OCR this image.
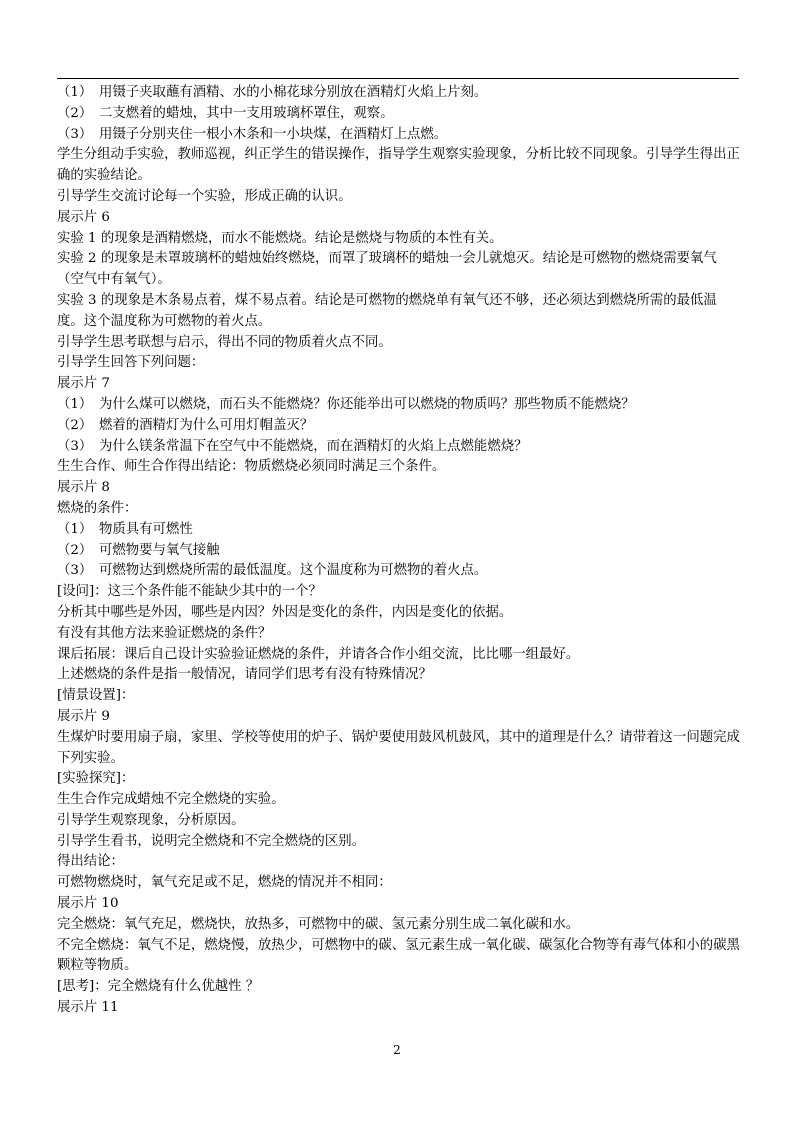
（1）　用镊子夹取蘸有酒精、水的小棉花球分别放在酒精灯火焰上片刻。

（2）　二支燃着的蜡烛，其中一支用玻璃杯罩住，观察。

（3）　用镊子分别夹住一根小木条和一小块煤，在酒精灯上点燃。

学生分组动手实验，教师巡视，纠正学生的错误操作，指导学生观察实验现象，分析比较不同现象。引导学生得出正确的实验结论。

引导学生交流讨论每一个实验，形成正确的认识。

展示片 6

实验 1 的现象是酒精燃烧，而水不能燃烧。结论是燃烧与物质的本性有关。

实验 2 的现象是未罩玻璃杯的蜡烛始终燃烧，而罩了玻璃杯的蜡烛一会儿就熄灭。结论是可燃物的燃烧需要氧气（空气中有氧气）。

实验 3 的现象是木条易点着，煤不易点着。结论是可燃物的燃烧单有氧气还不够，还必须达到燃烧所需的最低温度。这个温度称为可燃物的着火点。

引导学生思考联想与启示，得出不同的物质着火点不同。

引导学生回答下列问题：

展示片 7

（1）　为什么煤可以燃烧，而石头不能燃烧？你还能举出可以燃烧的物质吗？那些物质不能燃烧？

（2）　燃着的酒精灯为什么可用灯帽盖灭？

（3）　为什么镁条常温下在空气中不能燃烧，而在酒精灯的火焰上点燃能燃烧？

生生合作、师生合作得出结论：物质燃烧必须同时满足三个条件。

展示片 8

燃烧的条件：

（1）　物质具有可燃性

（2）　可燃物要与氧气接触

（3）　可燃物达到燃烧所需的最低温度。这个温度称为可燃物的着火点。

[设问]：这三个条件能不能缺少其中的一个？

分析其中哪些是外因，哪些是内因？外因是变化的条件，内因是变化的依据。

有没有其他方法来验证燃烧的条件？

课后拓展：课后自己设计实验验证燃烧的条件，并请各合作小组交流，比比哪一组最好。

上述燃烧的条件是指一般情况，请同学们思考有没有特殊情况？

[情景设置]：

展示片 9

生煤炉时要用扇子扇，家里、学校等使用的炉子、锅炉要使用鼓风机鼓风，其中的道理是什么？请带着这一问题完成下列实验。

[实验探究]：

生生合作完成蜡烛不完全燃烧的实验。

引导学生观察现象，分析原因。

引导学生看书，说明完全燃烧和不完全燃烧的区别。

得出结论：

可燃物燃烧时，氧气充足或不足，燃烧的情况并不相同：

展示片 10

完全燃烧：氧气充足，燃烧快，放热多，可燃物中的碳、氢元素分别生成二氧化碳和水。

不完全燃烧：氧气不足，燃烧慢，放热少，可燃物中的碳、氢元素生成一氧化碳、碳氢化合物等有毒气体和小的碳黑颗粒等物质。

[思考]：完全燃烧有什么优越性 ？

展示片 11

2
